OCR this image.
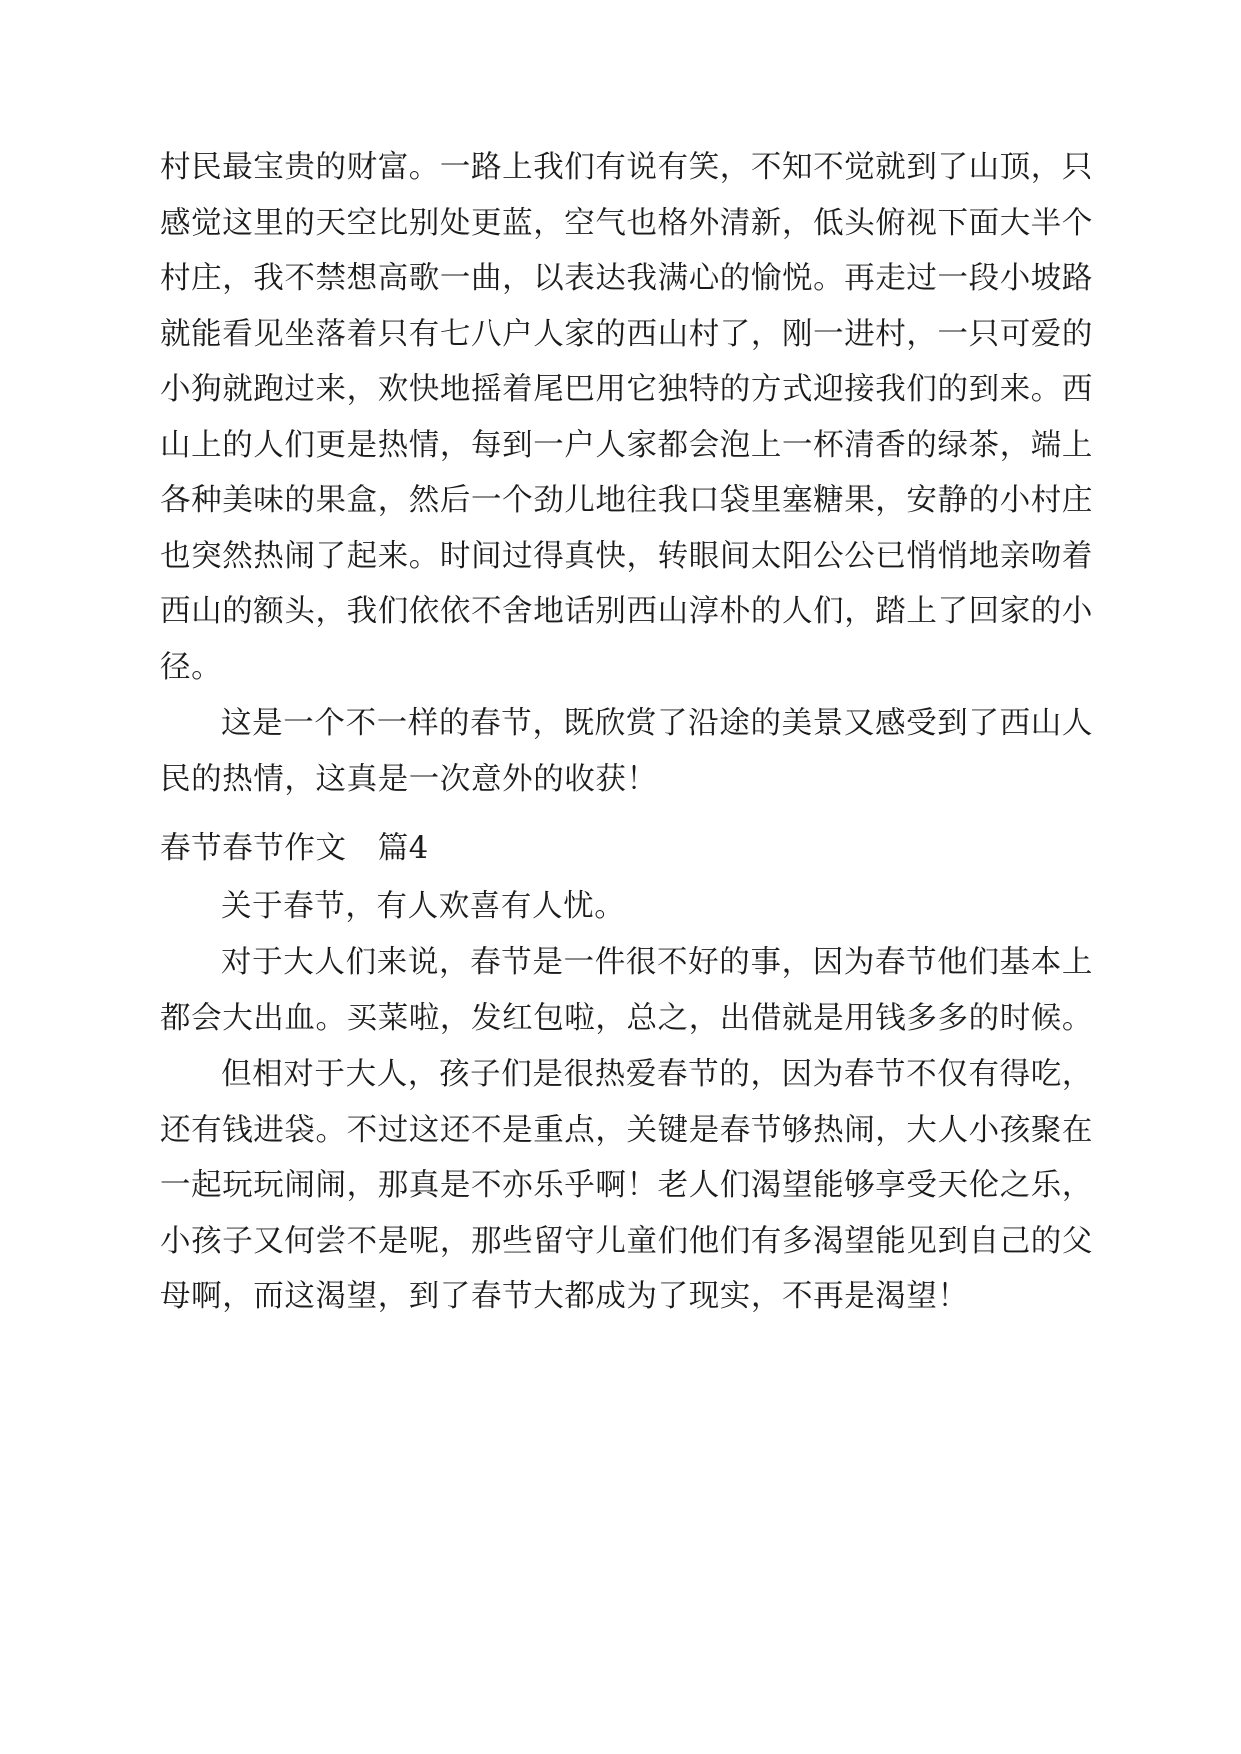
村民最宝贵的财富。一路上我们有说有笑，不知不觉就到了山顶，只感觉这里的天空比别处更蓝，空气也格外清新，低头俯视下面大半个村庄，我不禁想高歌一曲，以表达我满心的愉悦。再走过一段小坡路就能看见坐落着只有七八户人家的西山村了，刚一进村，一只可爱的小狗就跑过来，欢快地摇着尾巴用它独特的方式迎接我们的到来。西山上的人们更是热情，每到一户人家都会泡上一杯清香的绿茶，端上各种美味的果盒，然后一个劲儿地往我口袋里塞糖果，安静的小村庄也突然热闹了起来。时间过得真快，转眼间太阳公公已悄悄地亲吻着西山的额头，我们依依不舍地话别西山淳朴的人们，踏上了回家的小径。

这是一个不一样的春节，既欣赏了沿途的美景又感受到了西山人民的热情，这真是一次意外的收获！

春节春节作文　篇4

关于春节，有人欢喜有人忧。

对于大人们来说，春节是一件很不好的事，因为春节他们基本上都会大出血。买菜啦，发红包啦，总之，出借就是用钱多多的时候。

但相对于大人，孩子们是很热爱春节的，因为春节不仅有得吃，还有钱进袋。不过这还不是重点，关键是春节够热闹，大人小孩聚在一起玩玩闹闹，那真是不亦乐乎啊！老人们渴望能够享受天伦之乐，小孩子又何尝不是呢，那些留守儿童们他们有多渴望能见到自己的父母啊，而这渴望，到了春节大都成为了现实，不再是渴望！
